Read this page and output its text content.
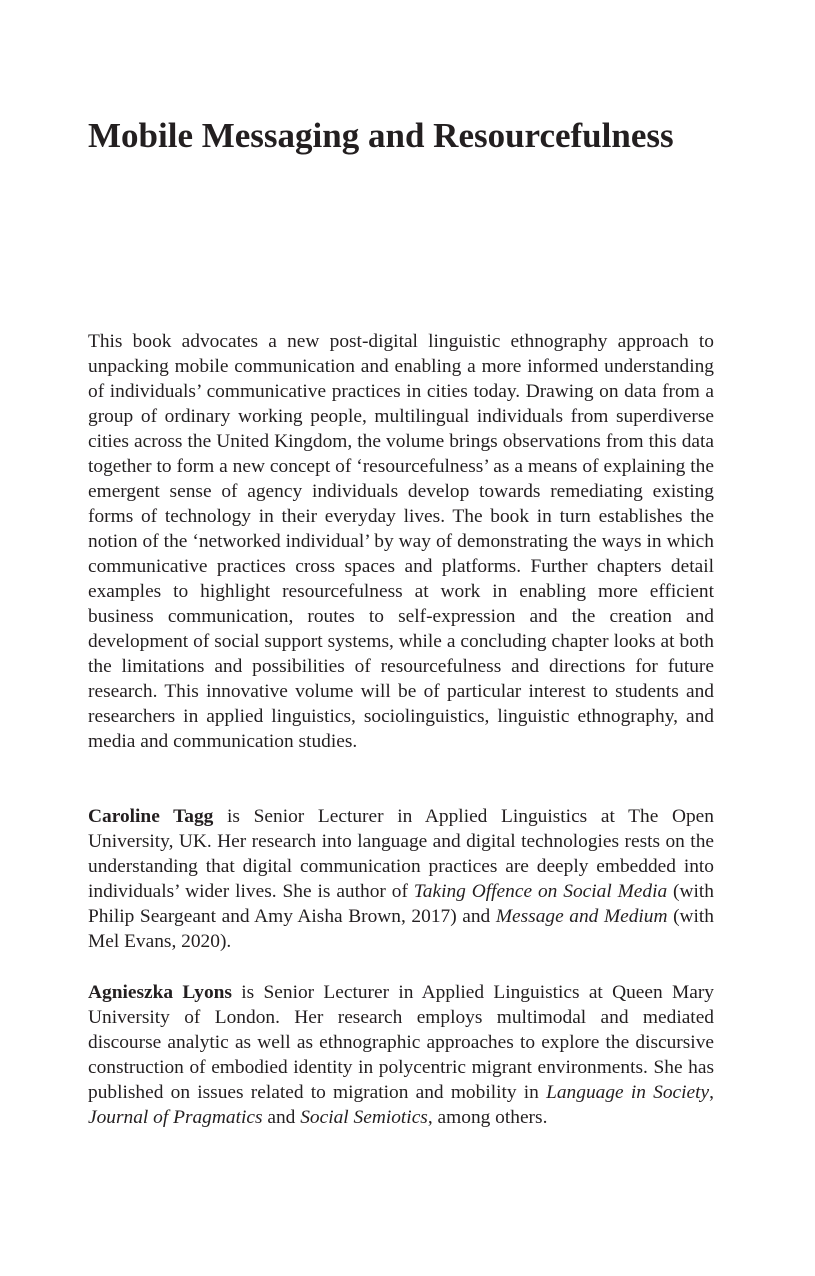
Mobile Messaging and Resourcefulness

This book advocates a new post-digital linguistic ethnography approach to unpacking mobile communication and enabling a more informed understanding of individuals’ communicative practices in cities today. Drawing on data from a group of ordinary working people, multilingual individuals from superdiverse cities across the United Kingdom, the volume brings observations from this data together to form a new concept of ‘resourcefulness’ as a means of explaining the emergent sense of agency individuals develop towards remediating existing forms of technology in their everyday lives. The book in turn establishes the notion of the ‘networked individual’ by way of demonstrating the ways in which communicative practices cross spaces and platforms. Further chapters detail examples to highlight resourcefulness at work in enabling more efficient business communication, routes to self-expression and the creation and development of social support systems, while a concluding chapter looks at both the limitations and possibilities of resourcefulness and directions for future research. This innovative volume will be of particular interest to students and researchers in applied linguistics, sociolinguistics, linguistic ethnography, and media and communication studies.

Caroline Tagg is Senior Lecturer in Applied Linguistics at The Open University, UK. Her research into language and digital technologies rests on the understanding that digital communication practices are deeply embedded into individuals’ wider lives. She is author of Taking Offence on Social Media (with Philip Seargeant and Amy Aisha Brown, 2017) and Message and Medium (with Mel Evans, 2020).

Agnieszka Lyons is Senior Lecturer in Applied Linguistics at Queen Mary University of London. Her research employs multimodal and mediated discourse analytic as well as ethnographic approaches to explore the discursive construction of embodied identity in polycentric migrant environments. She has published on issues related to migration and mobility in Language in Society, Journal of Pragmatics and Social Semiotics, among others.
